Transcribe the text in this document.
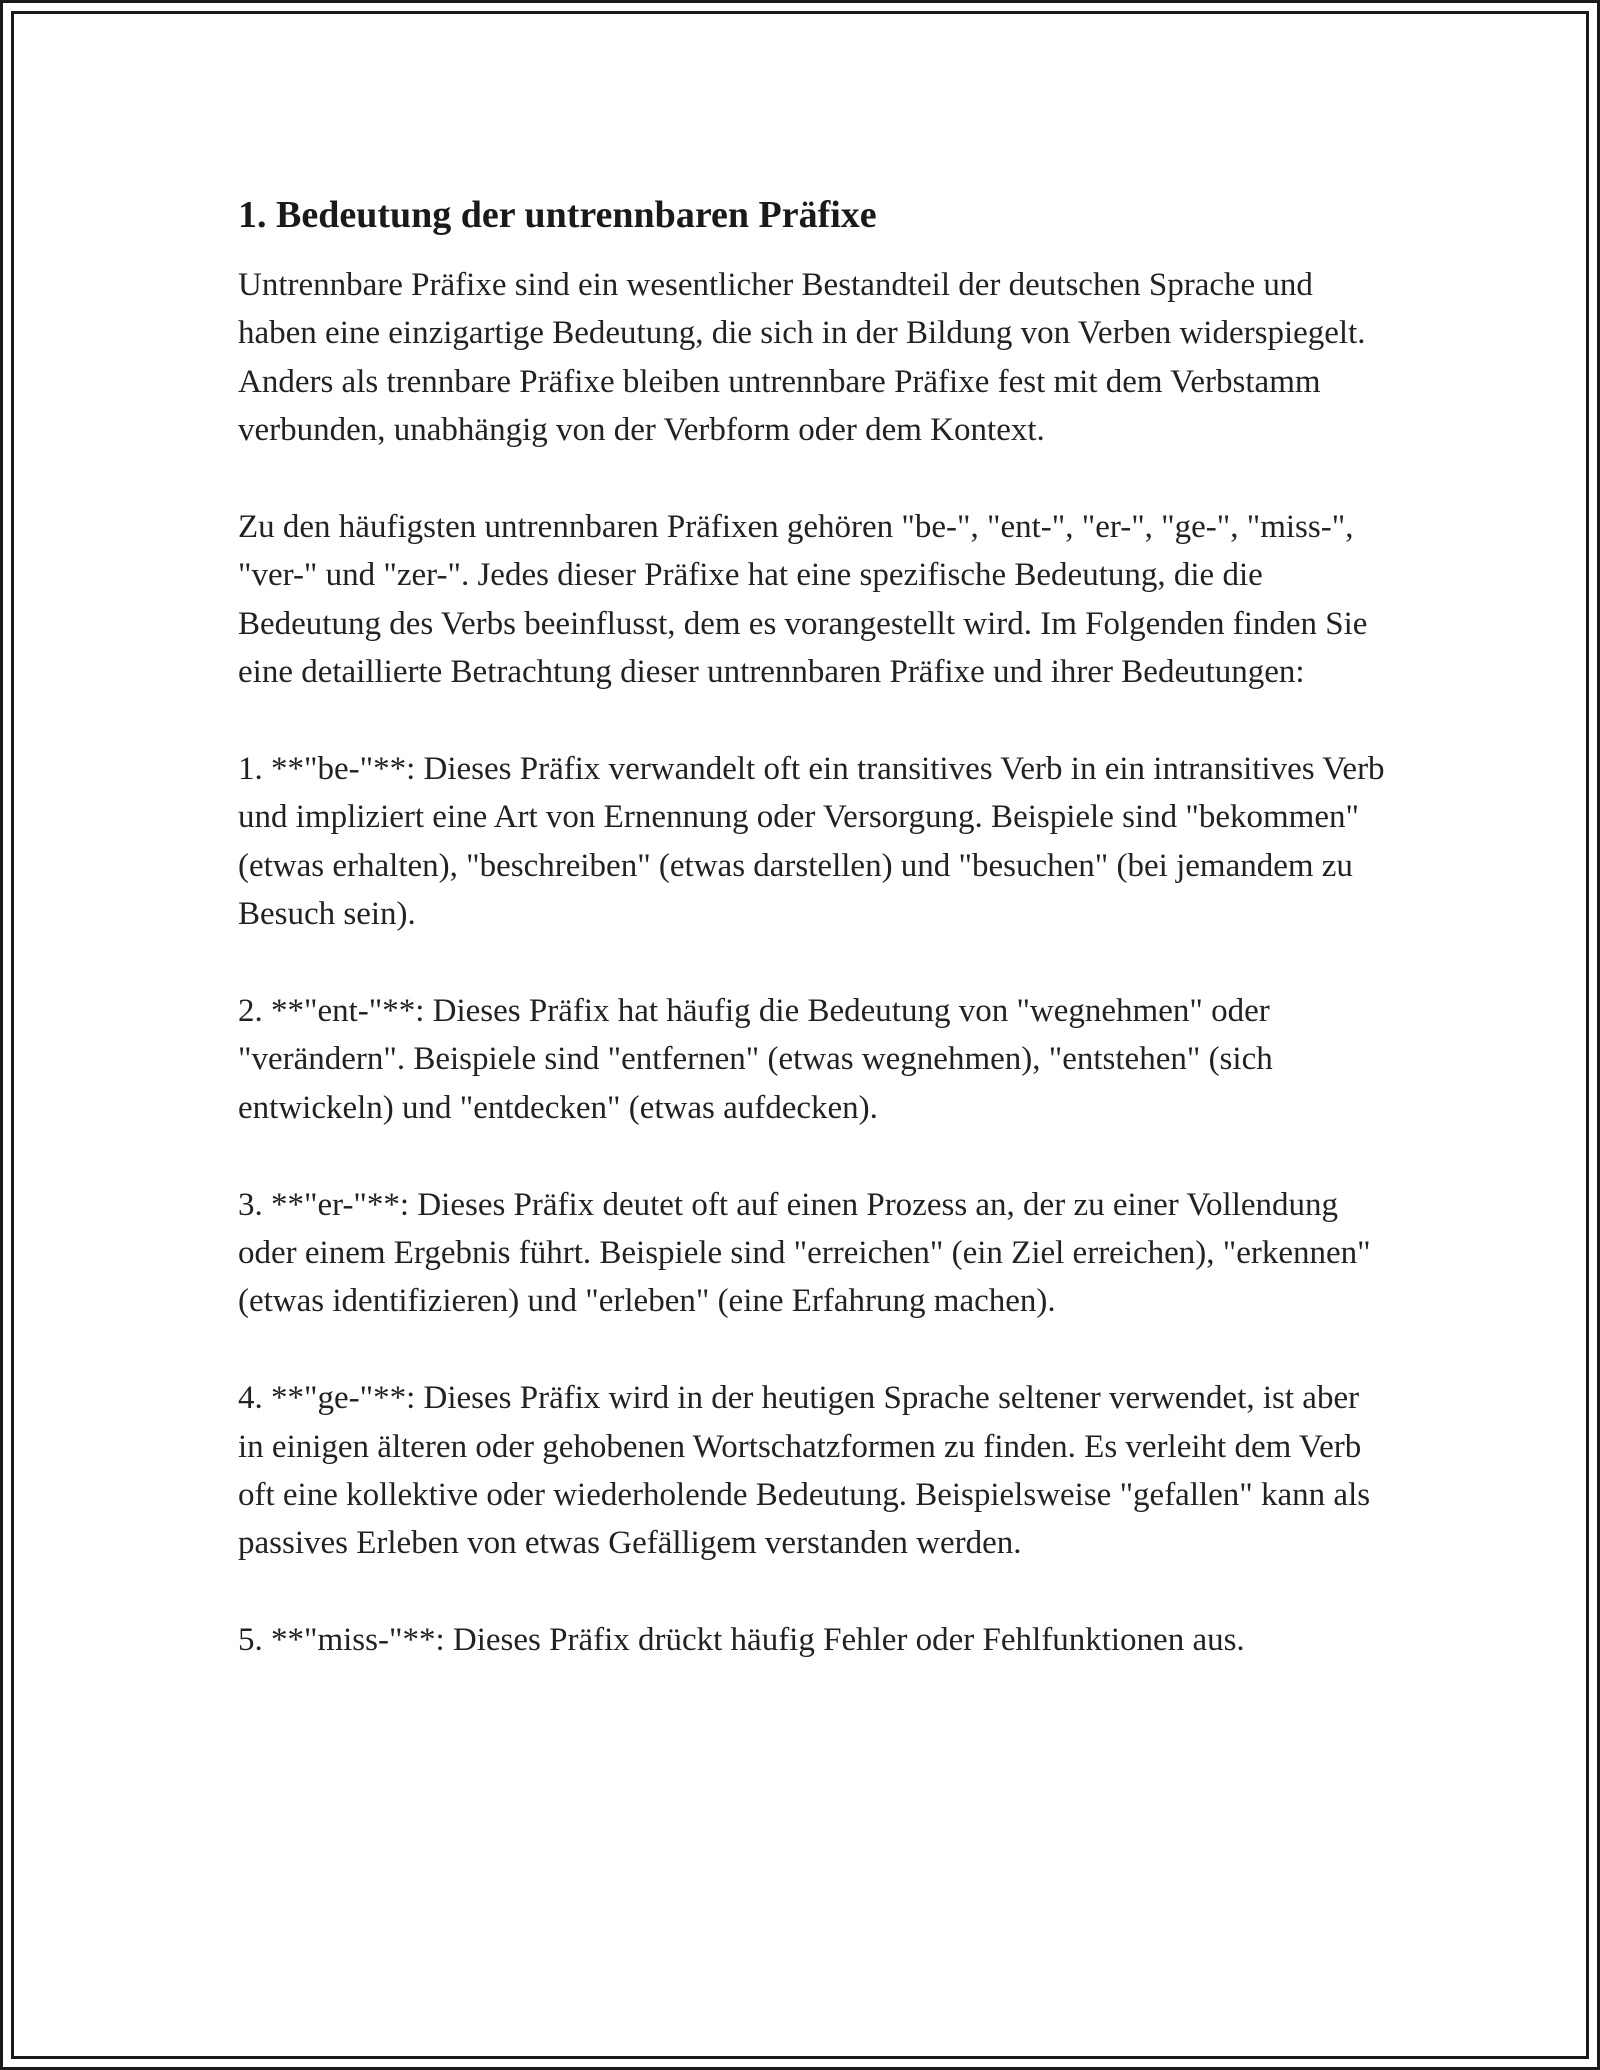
1. Bedeutung der untrennbaren Präfixe

Untrennbare Präfixe sind ein wesentlicher Bestandteil der deutschen Sprache und haben eine einzigartige Bedeutung, die sich in der Bildung von Verben widerspiegelt. Anders als trennbare Präfixe bleiben untrennbare Präfixe fest mit dem Verbstamm verbunden, unabhängig von der Verbform oder dem Kontext.

Zu den häufigsten untrennbaren Präfixen gehören "be-", "ent-", "er-", "ge-", "miss-", "ver-" und "zer-". Jedes dieser Präfixe hat eine spezifische Bedeutung, die die Bedeutung des Verbs beeinflusst, dem es vorangestellt wird. Im Folgenden finden Sie eine detaillierte Betrachtung dieser untrennbaren Präfixe und ihrer Bedeutungen:

1. **"be-"**: Dieses Präfix verwandelt oft ein transitives Verb in ein intransitives Verb und impliziert eine Art von Ernennung oder Versorgung. Beispiele sind "bekommen" (etwas erhalten), "beschreiben" (etwas darstellen) und "besuchen" (bei jemandem zu Besuch sein).

2. **"ent-"**: Dieses Präfix hat häufig die Bedeutung von "wegnehmen" oder "verändern". Beispiele sind "entfernen" (etwas wegnehmen), "entstehen" (sich entwickeln) und "entdecken" (etwas aufdecken).

3. **"er-"**: Dieses Präfix deutet oft auf einen Prozess an, der zu einer Vollendung oder einem Ergebnis führt. Beispiele sind "erreichen" (ein Ziel erreichen), "erkennen" (etwas identifizieren) und "erleben" (eine Erfahrung machen).

4. **"ge-"**: Dieses Präfix wird in der heutigen Sprache seltener verwendet, ist aber in einigen älteren oder gehobenen Wortschatzformen zu finden. Es verleiht dem Verb oft eine kollektive oder wiederholende Bedeutung. Beispielsweise "gefallen" kann als passives Erleben von etwas Gefälligem verstanden werden.

5. **"miss-"**: Dieses Präfix drückt häufig Fehler oder Fehlfunktionen aus.
